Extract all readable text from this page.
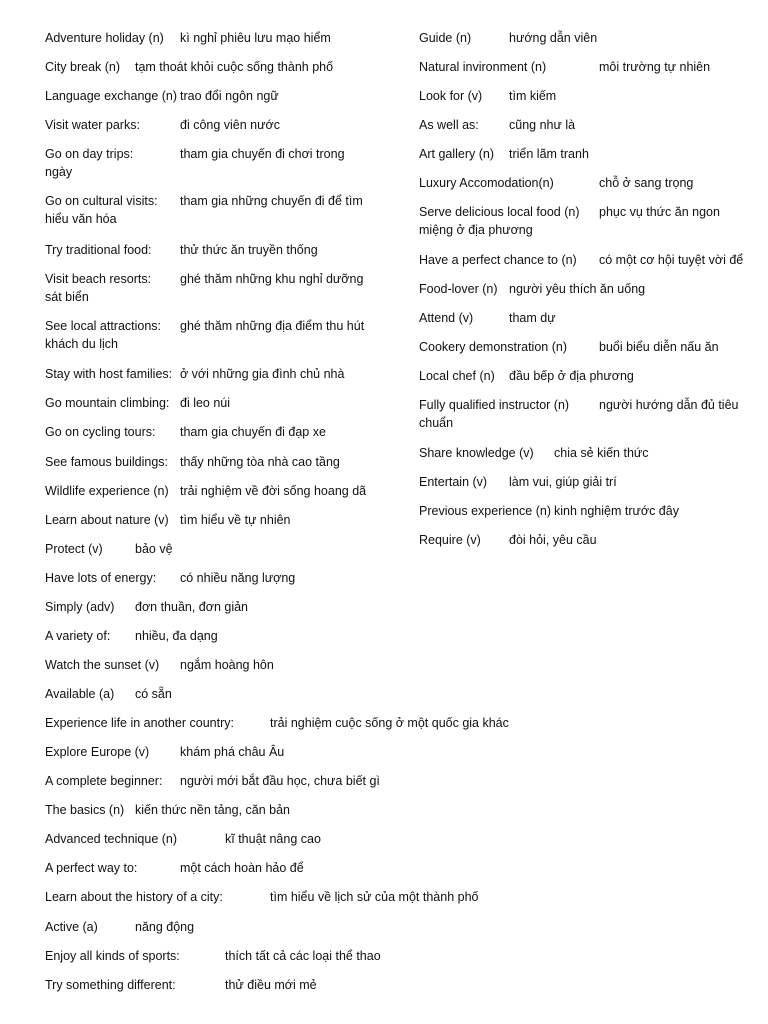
Adventure holiday (n) kì nghỉ phiêu lưu mạo hiểm
City break (n) tạm thoát khỏi cuộc sống thành phố
Language exchange (n) trao đổi ngôn ngữ
Visit water parks:	đi công viên nước
Go on day trips:	tham gia chuyến đi chơi trong
ngày
Go on cultural visits: tham gia những chuyến đi để tìm
hiểu văn hóa
Try traditional food: thử thức ăn truyền thống
Visit beach resorts: ghé thăm những khu nghỉ dưỡng
sát biển
See local attractions: ghé thăm những địa điểm thu hút
khách du lịch
Stay with host families: ở với những gia đình chủ nhà
Go mountain climbing: đi leo núi
Go on cycling tours: tham gia chuyến đi đạp xe
See famous buildings: thấy những tòa nhà cao tầng
Wildlife experience (n) trải nghiệm về đời sống hoang dã
Learn about nature (v) tìm hiểu về tự nhiên
Protect (v)	bảo vệ
Have lots of energy: có nhiều năng lượng
Simply (adv) đơn thuần, đơn giản
A variety of: nhiều, đa dạng
Watch the sunset (v) ngắm hoàng hôn
Available (a) có sẵn
Experience life in another country:	trải nghiệm cuộc sống ở một quốc gia khác
Explore Europe (v) khám phá châu Âu
A complete beginner: người mới bắt đầu học, chưa biết gì
The basics (n) kiến thức nền tảng, căn bản
Advanced technique (n)	kĩ thuật nâng cao
A perfect way to:	một cách hoàn hảo để
Learn about the history of a city:	tìm hiểu về lịch sử của một thành phố
Active (a)	năng động
Enjoy all kinds of sports:	thích tất cả các loại thể thao
Try something different:	thử điều mới mẻ
Guide (n)	hướng dẫn viên
Natural invironment (n)	môi trường tự nhiên
Look for (v) tìm kiếm
As well as: cũng như là
Art gallery (n) triển lãm tranh
Luxury Accomodation(n)	chỗ ở sang trọng
Serve delicious local food (n) phục vụ thức ăn ngon
miệng ở địa phương
Have a perfect chance to (n) có một cơ hội tuyệt vời để
Food-lover (n) người yêu thích ăn uống
Attend (v)	tham dự
Cookery demonstration (n)	buổi biểu diễn nấu ăn
Local chef (n) đầu bếp ở địa phương
Fully qualified instructor (n) người hướng dẫn đủ tiêu
chuẩn
Share knowledge (v) chia sẻ kiến thức
Entertain (v) làm vui, giúp giải trí
Previous experience (n) kinh nghiệm trước đây
Require (v) đòi hỏi, yêu cầu
